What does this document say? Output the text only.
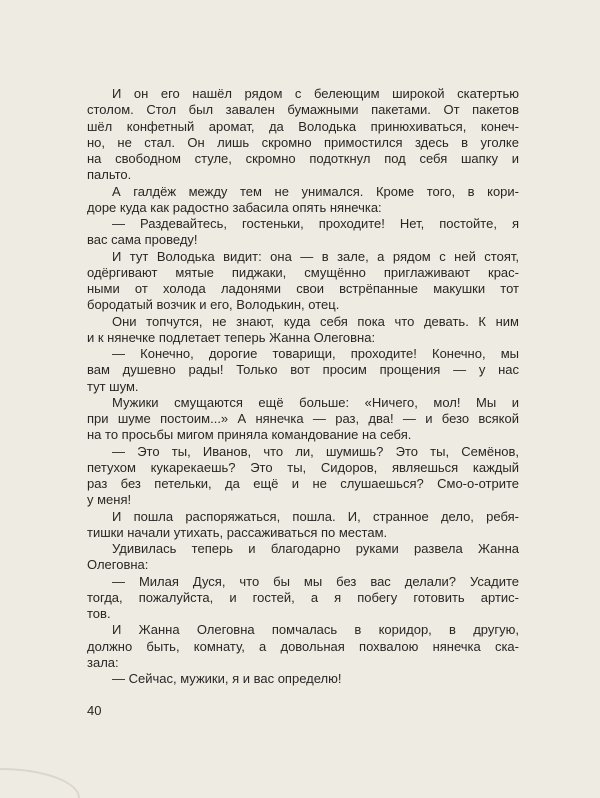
И он его нашёл рядом с белеющим широкой скатертью
столом. Стол был завален бумажными пакетами. От пакетов
шёл конфетный аромат, да Володька принюхиваться, конеч-
но, не стал. Он лишь скромно примостился здесь в уголке
на свободном стуле, скромно подоткнул под себя шапку и
пальто.
А галдёж между тем не унимался. Кроме того, в кори-
доре куда как радостно забасила опять нянечка:
— Раздевайтесь, гостеньки, проходите! Нет, постойте, я
вас сама проведу!
И тут Володька видит: она — в зале, а рядом с ней стоят,
одёргивают мятые пиджаки, смущённо приглаживают крас-
ными от холода ладонями свои встрёпанные макушки тот
бородатый возчик и его, Володькин, отец.
Они топчутся, не знают, куда себя пока что девать. К ним
и к нянечке подлетает теперь Жанна Олеговна:
— Конечно, дорогие товарищи, проходите! Конечно, мы
вам душевно рады! Только вот просим прощения — у нас
тут шум.
Мужики смущаются ещё больше: «Ничего, мол! Мы и
при шуме постоим...» А нянечка — раз, два! — и безо всякой
на то просьбы мигом приняла командование на себя.
— Это ты, Иванов, что ли, шумишь? Это ты, Семёнов,
петухом кукарекаешь? Это ты, Сидоров, являешься каждый
раз без петельки, да ещё и не слушаешься? Смо-о-отрите
у меня!
И пошла распоряжаться, пошла. И, странное дело, ребя-
тишки начали утихать, рассаживаться по местам.
Удивилась теперь и благодарно руками развела Жанна
Олеговна:
— Милая Дуся, что бы мы без вас делали? Усадите
тогда, пожалуйста, и гостей, а я побегу готовить артис-
тов.
И Жанна Олеговна помчалась в коридор, в другую,
должно быть, комнату, а довольная похвалою нянечка ска-
зала:
— Сейчас, мужики, я и вас определю!
40
